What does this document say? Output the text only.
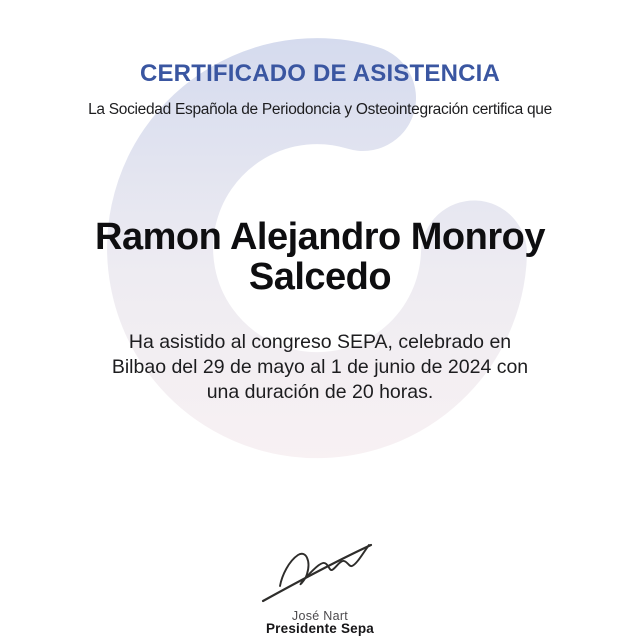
CERTIFICADO DE ASISTENCIA
La Sociedad Española de Periodoncia y Osteointegración certifica que
Ramon Alejandro Monroy Salcedo
Ha asistido al congreso SEPA, celebrado en
Bilbao del 29 de mayo al 1 de junio de 2024 con
una duración de 20 horas.
José Nart
Presidente Sepa
